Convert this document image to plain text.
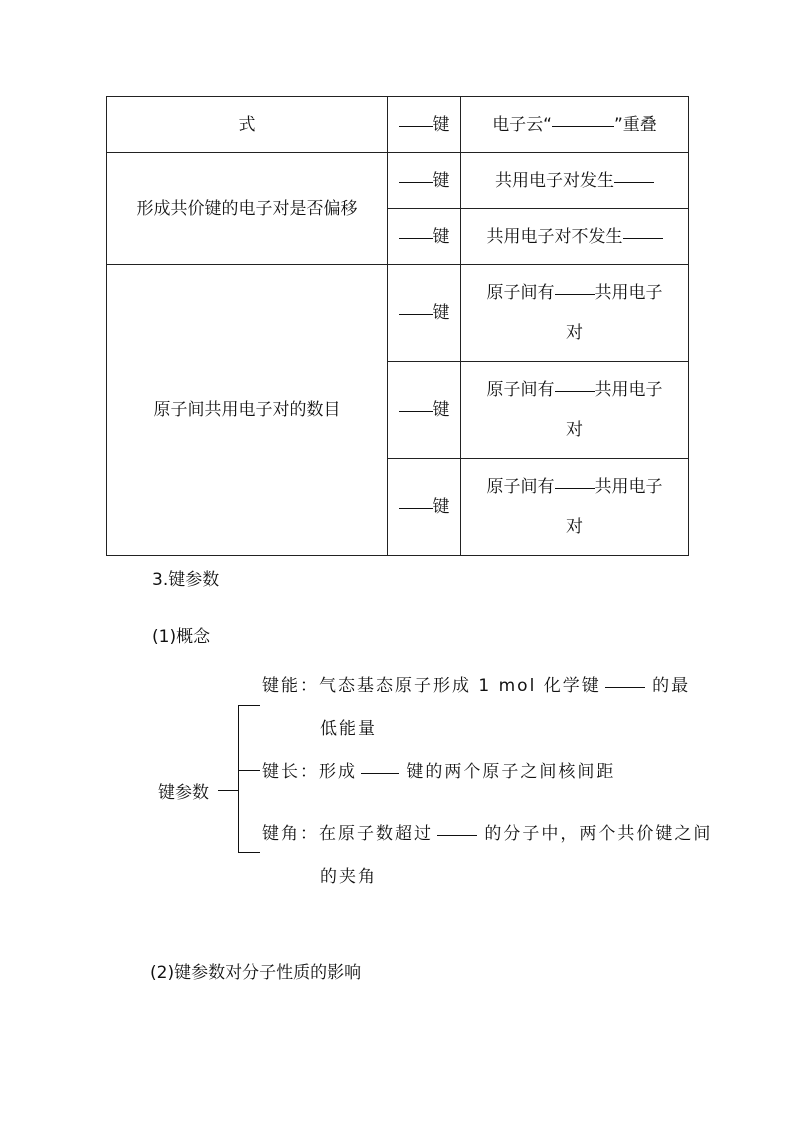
式	键	电子云“ ”重叠
形成共价键的电子对是否偏移	键	共用电子对发生
	键	共用电子对不发生
原子间共用电子对的数目	键	原子间有 共用电子
对
	键	原子间有 共用电子
对
	键	原子间有 共用电子
对
3.键参数
(1)概念
键参数
键能：气态基态原子形成 1 mol 化学键	的最
低能量
键长：形成 键的两个原子之间核间距
键角：在原子数超过	的分子中，两个共价键之间
的夹角
(2)键参数对分子性质的影响
